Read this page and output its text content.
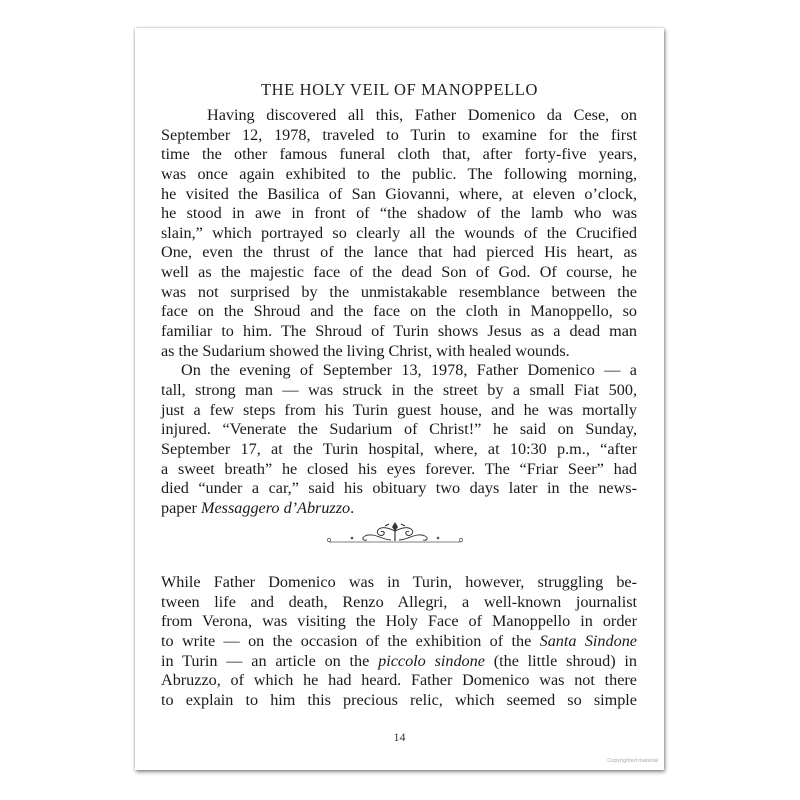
THE HOLY VEIL OF MANOPPELLO
Having discovered all this, Father Domenico da Cese, on
September 12, 1978, traveled to Turin to examine for the first
time the other famous funeral cloth that, after forty-five years,
was once again exhibited to the public. The following morning,
he visited the Basilica of San Giovanni, where, at eleven o’clock,
he stood in awe in front of “the shadow of the lamb who was
slain,” which portrayed so clearly all the wounds of the Crucified
One, even the thrust of the lance that had pierced His heart, as
well as the majestic face of the dead Son of God. Of course, he
was not surprised by the unmistakable resemblance between the
face on the Shroud and the face on the cloth in Manoppello, so
familiar to him. The Shroud of Turin shows Jesus as a dead man
as the Sudarium showed the living Christ, with healed wounds.
On the evening of September 13, 1978, Father Domenico — a
tall, strong man — was struck in the street by a small Fiat 500,
just a few steps from his Turin guest house, and he was mortally
injured. “Venerate the Sudarium of Christ!” he said on Sunday,
September 17, at the Turin hospital, where, at 10:30 p.m., “after
a sweet breath” he closed his eyes forever. The “Friar Seer” had
died “under a car,” said his obituary two days later in the news-
paper Messaggero d’Abruzzo.
While Father Domenico was in Turin, however, struggling be-
tween life and death, Renzo Allegri, a well-known journalist
from Verona, was visiting the Holy Face of Manoppello in order
to write — on the occasion of the exhibition of the Santa Sindone
in Turin — an article on the piccolo sindone (the little shroud) in
Abruzzo, of which he had heard. Father Domenico was not there
to explain to him this precious relic, which seemed so simple
14
Copyrighted material
